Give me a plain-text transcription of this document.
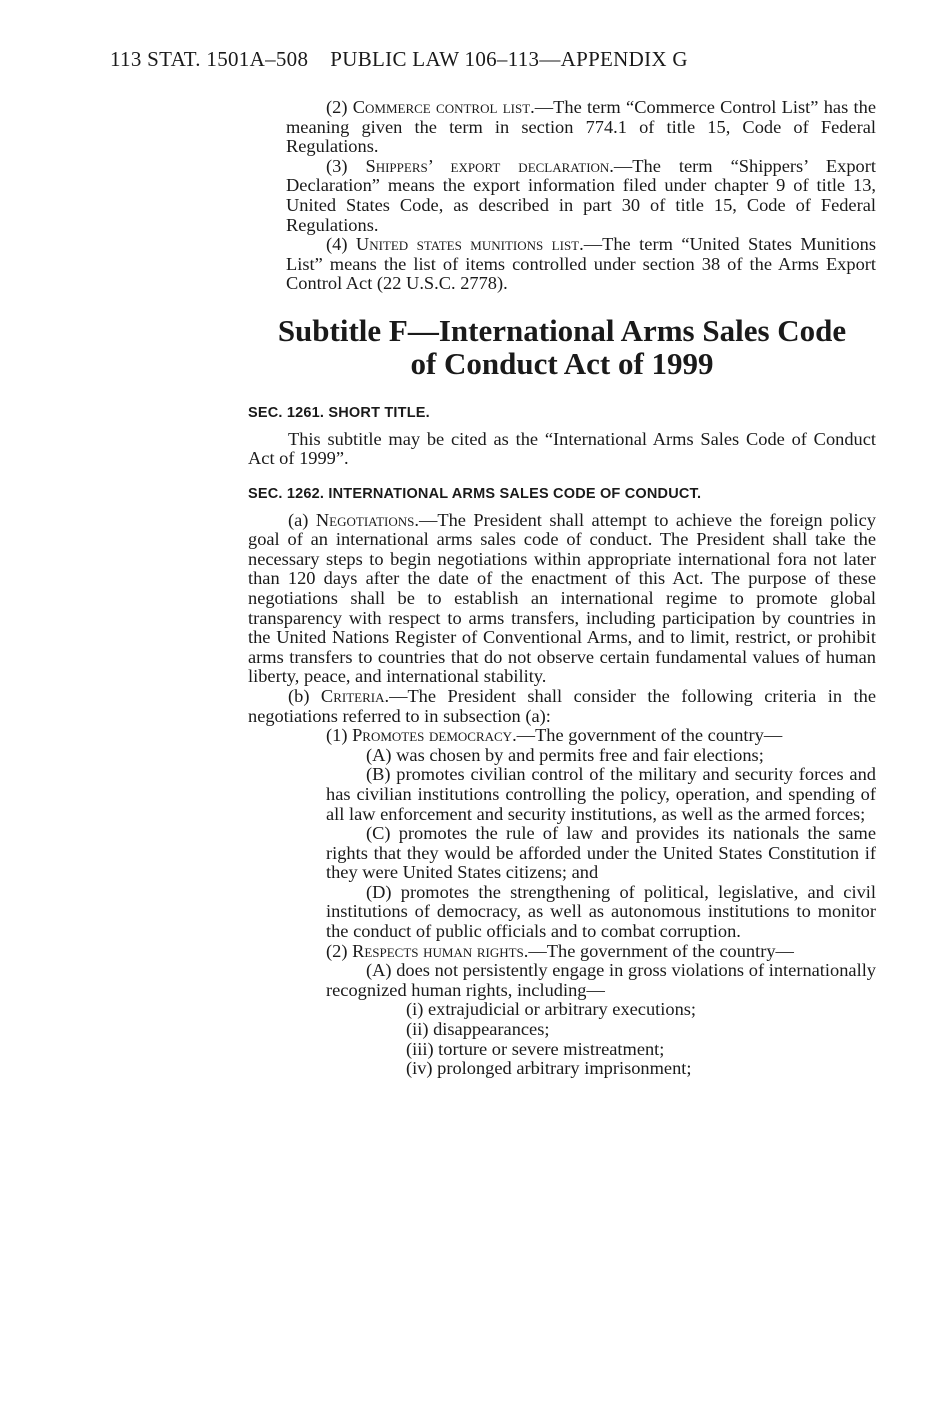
113 STAT. 1501A–508 PUBLIC LAW 106–113—APPENDIX G

(2) Commerce control list.—The term “Commerce Control List” has the meaning given the term in section 774.1 of title 15, Code of Federal Regulations.

(3) Shippers’ export declaration.—The term “Shippers’ Export Declaration” means the export information filed under chapter 9 of title 13, United States Code, as described in part 30 of title 15, Code of Federal Regulations.

(4) United states munitions list.—The term “United States Munitions List” means the list of items controlled under section 38 of the Arms Export Control Act (22 U.S.C. 2778).

Subtitle F—International Arms Sales Code
of Conduct Act of 1999

SEC. 1261. SHORT TITLE.

This subtitle may be cited as the “International Arms Sales Code of Conduct Act of 1999”.

SEC. 1262. INTERNATIONAL ARMS SALES CODE OF CONDUCT.

(a) Negotiations.—The President shall attempt to achieve the foreign policy goal of an international arms sales code of conduct. The President shall take the necessary steps to begin negotiations within appropriate international fora not later than 120 days after the date of the enactment of this Act. The purpose of these negotiations shall be to establish an international regime to promote global transparency with respect to arms transfers, including participation by countries in the United Nations Register of Conventional Arms, and to limit, restrict, or prohibit arms transfers to countries that do not observe certain fundamental values of human liberty, peace, and international stability.

(b) Criteria.—The President shall consider the following criteria in the negotiations referred to in subsection (a):

(1) Promotes democracy.—The government of the country—

(A) was chosen by and permits free and fair elections;

(B) promotes civilian control of the military and security forces and has civilian institutions controlling the policy, operation, and spending of all law enforcement and security institutions, as well as the armed forces;

(C) promotes the rule of law and provides its nationals the same rights that they would be afforded under the United States Constitution if they were United States citizens; and

(D) promotes the strengthening of political, legislative, and civil institutions of democracy, as well as autonomous institutions to monitor the conduct of public officials and to combat corruption.

(2) Respects human rights.—The government of the country—

(A) does not persistently engage in gross violations of internationally recognized human rights, including—

(i) extrajudicial or arbitrary executions;

(ii) disappearances;

(iii) torture or severe mistreatment;

(iv) prolonged arbitrary imprisonment;
